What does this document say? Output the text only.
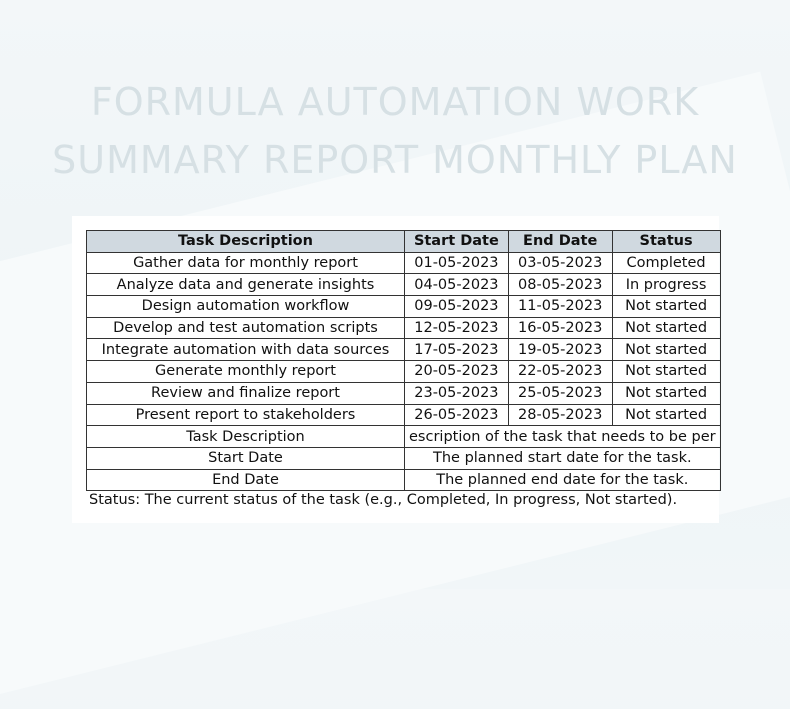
FORMULA AUTOMATION WORK
SUMMARY REPORT MONTHLY PLAN
Task Description	Start Date	End Date	Status
Gather data for monthly report	01-05-2023	03-05-2023	Completed
Analyze data and generate insights	04-05-2023	08-05-2023	In progress
Design automation workflow	09-05-2023	11-05-2023	Not started
Develop and test automation scripts	12-05-2023	16-05-2023	Not started
Integrate automation with data sources	17-05-2023	19-05-2023	Not started
Generate monthly report	20-05-2023	22-05-2023	Not started
Review and finalize report	23-05-2023	25-05-2023	Not started
Present report to stakeholders	26-05-2023	28-05-2023	Not started
Task Description	escription of the task that needs to be per		
Start Date	The planned start date for the task.		
End Date	The planned end date for the task.		
Status: The current status of the task (e.g., Completed, In progress, Not started).
